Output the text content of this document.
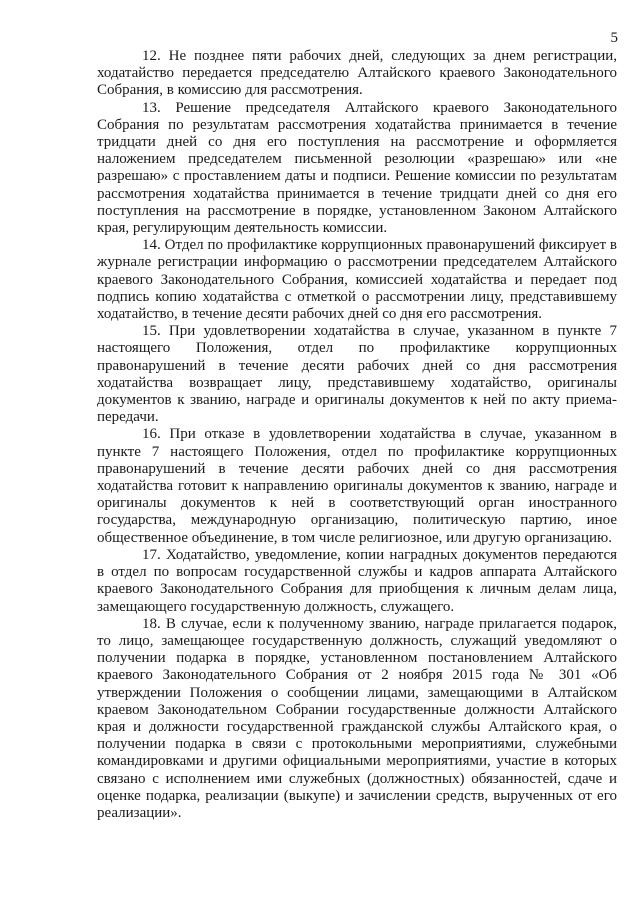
5

12. Не позднее пяти рабочих дней, следующих за днем регистрации, ходатайство передается председателю Алтайского краевого Законодательного Собрания, в комиссию для рассмотрения.

13. Решение председателя Алтайского краевого Законодательного Собрания по результатам рассмотрения ходатайства принимается в течение тридцати дней со дня его поступления на рассмотрение и оформляется наложением председателем письменной резолюции «разрешаю» или «не разрешаю» с проставлением даты и подписи. Решение комиссии по результатам рассмотрения ходатайства принимается в течение тридцати дней со дня его поступления на рассмотрение в порядке, установленном Законом Алтайского края, регулирующим деятельность комиссии.

14. Отдел по профилактике коррупционных правонарушений фиксирует в журнале регистрации информацию о рассмотрении председателем Алтайского краевого Законодательного Собрания, комиссией ходатайства и передает под подпись копию ходатайства с отметкой о рассмотрении лицу, представившему ходатайство, в течение десяти рабочих дней со дня его рассмотрения.

15. При удовлетворении ходатайства в случае, указанном в пункте 7 настоящего Положения, отдел по профилактике коррупционных правонарушений в течение десяти рабочих дней со дня рассмотрения ходатайства возвращает лицу, представившему ходатайство, оригиналы документов к званию, награде и оригиналы документов к ней по акту приема-передачи.

16. При отказе в удовлетворении ходатайства в случае, указанном в пункте 7 настоящего Положения, отдел по профилактике коррупционных правонарушений в течение десяти рабочих дней со дня рассмотрения ходатайства готовит к направлению оригиналы документов к званию, награде и оригиналы документов к ней в соответствующий орган иностранного государства, международную организацию, политическую партию, иное общественное объединение, в том числе религиозное, или другую организацию.

17. Ходатайство, уведомление, копии наградных документов передаются в отдел по вопросам государственной службы и кадров аппарата Алтайского краевого Законодательного Собрания для приобщения к личным делам лица, замещающего государственную должность, служащего.

18. В случае, если к полученному званию, награде прилагается подарок, то лицо, замещающее государственную должность, служащий уведомляют о получении подарка в порядке, установленном постановлением Алтайского краевого Законодательного Собрания от 2 ноября 2015 года № 301 «Об утверждении Положения о сообщении лицами, замещающими в Алтайском краевом Законодательном Собрании государственные должности Алтайского края и должности государственной гражданской службы Алтайского края, о получении подарка в связи с протокольными мероприятиями, служебными командировками и другими официальными мероприятиями, участие в которых связано с исполнением ими служебных (должностных) обязанностей, сдаче и оценке подарка, реализации (выкупе) и зачислении средств, вырученных от его реализации».
